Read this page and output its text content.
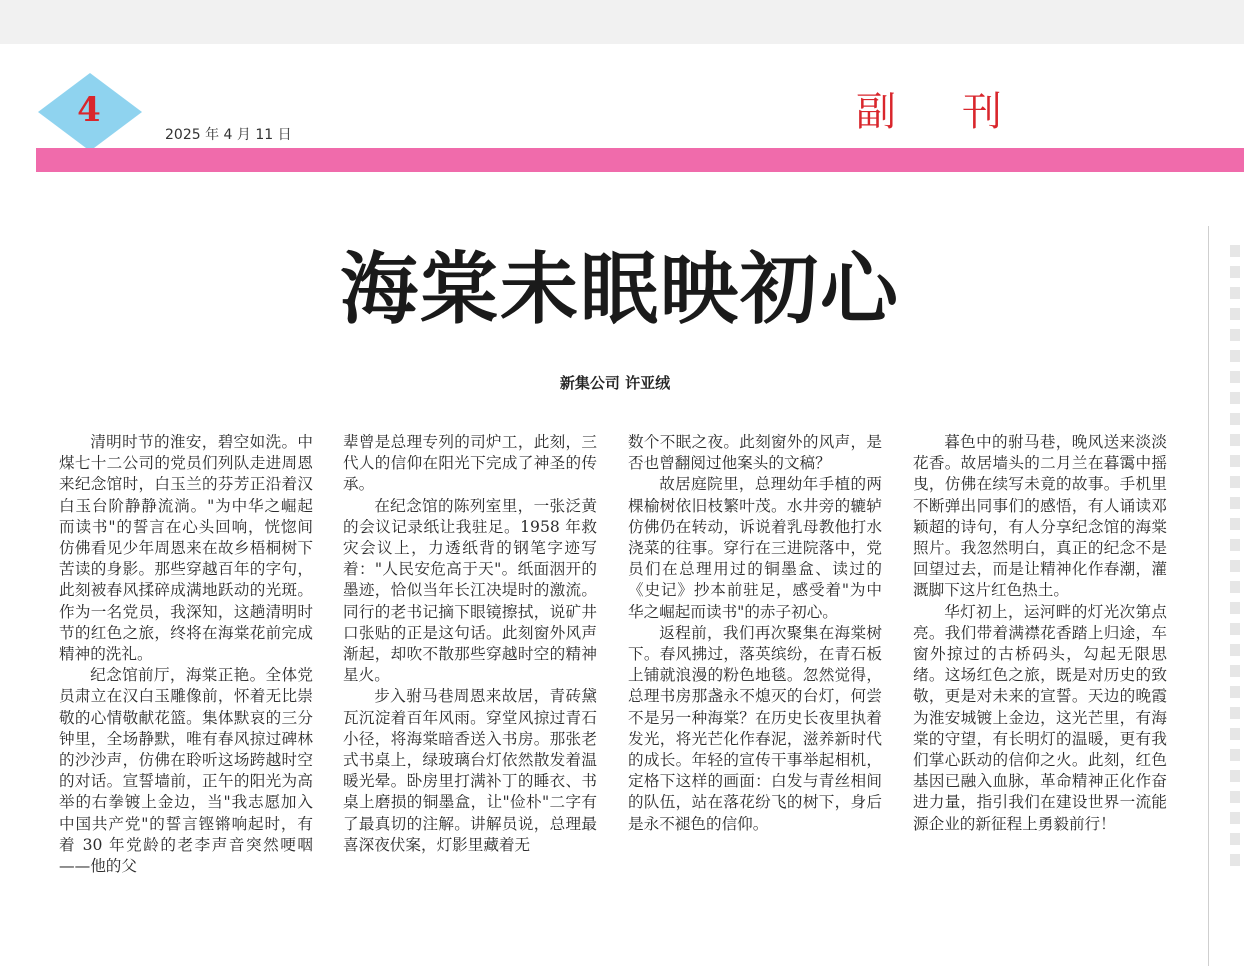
4
2025 年 4 月 11 日	副 刊
海棠未眠映初心
新集公司 许亚绒

清明时节的淮安，碧空如洗。中煤七十二公司的党员们列队走进周恩来纪念馆时，白玉兰的芬芳正沿着汉白玉台阶静静流淌。"为中华之崛起而读书"的誓言在心头回响，恍惚间仿佛看见少年周恩来在故乡梧桐树下苦读的身影。那些穿越百年的字句，此刻被春风揉碎成满地跃动的光斑。作为一名党员，我深知，这趟清明时节的红色之旅，终将在海棠花前完成精神的洗礼。

纪念馆前厅，海棠正艳。全体党员肃立在汉白玉雕像前，怀着无比崇敬的心情敬献花篮。集体默哀的三分钟里，全场静默，唯有春风掠过碑林的沙沙声，仿佛在聆听这场跨越时空的对话。宣誓墙前，正午的阳光为高举的右拳镀上金边，当"我志愿加入中国共产党"的誓言铿锵响起时，有着 30 年党龄的老李声音突然哽咽——他的父

辈曾是总理专列的司炉工，此刻，三代人的信仰在阳光下完成了神圣的传承。

在纪念馆的陈列室里，一张泛黄的会议记录纸让我驻足。1958 年救灾会议上，力透纸背的钢笔字迹写着："人民安危高于天"。纸面洇开的墨迹，恰似当年长江决堤时的激流。同行的老书记摘下眼镜擦拭，说矿井口张贴的正是这句话。此刻窗外风声渐起，却吹不散那些穿越时空的精神星火。

步入驸马巷周恩来故居，青砖黛瓦沉淀着百年风雨。穿堂风掠过青石小径，将海棠暗香送入书房。那张老式书桌上，绿玻璃台灯依然散发着温暖光晕。卧房里打满补丁的睡衣、书桌上磨损的铜墨盒，让"俭朴"二字有了最真切的注解。讲解员说，总理最喜深夜伏案，灯影里藏着无

数个不眠之夜。此刻窗外的风声，是否也曾翻阅过他案头的文稿？

故居庭院里，总理幼年手植的两棵榆树依旧枝繁叶茂。水井旁的辘轳仿佛仍在转动，诉说着乳母教他打水浇菜的往事。穿行在三进院落中，党员们在总理用过的铜墨盒、读过的《史记》抄本前驻足，感受着"为中华之崛起而读书"的赤子初心。

返程前，我们再次聚集在海棠树下。春风拂过，落英缤纷，在青石板上铺就浪漫的粉色地毯。忽然觉得，总理书房那盏永不熄灭的台灯，何尝不是另一种海棠？在历史长夜里执着发光，将光芒化作春泥，滋养新时代的成长。年轻的宣传干事举起相机，定格下这样的画面：白发与青丝相间的队伍，站在落花纷飞的树下，身后是永不褪色的信仰。

暮色中的驸马巷，晚风送来淡淡花香。故居墙头的二月兰在暮霭中摇曳，仿佛在续写未竟的故事。手机里不断弹出同事们的感悟，有人诵读邓颖超的诗句，有人分享纪念馆的海棠照片。我忽然明白，真正的纪念不是回望过去，而是让精神化作春潮，灌溉脚下这片红色热土。

华灯初上，运河畔的灯光次第点亮。我们带着满襟花香踏上归途，车窗外掠过的古桥码头，勾起无限思绪。这场红色之旅，既是对历史的致敬，更是对未来的宣誓。天边的晚霞为淮安城镀上金边，这光芒里，有海棠的守望，有长明灯的温暖，更有我们掌心跃动的信仰之火。此刻，红色基因已融入血脉，革命精神正化作奋进力量，指引我们在建设世界一流能源企业的新征程上勇毅前行！
